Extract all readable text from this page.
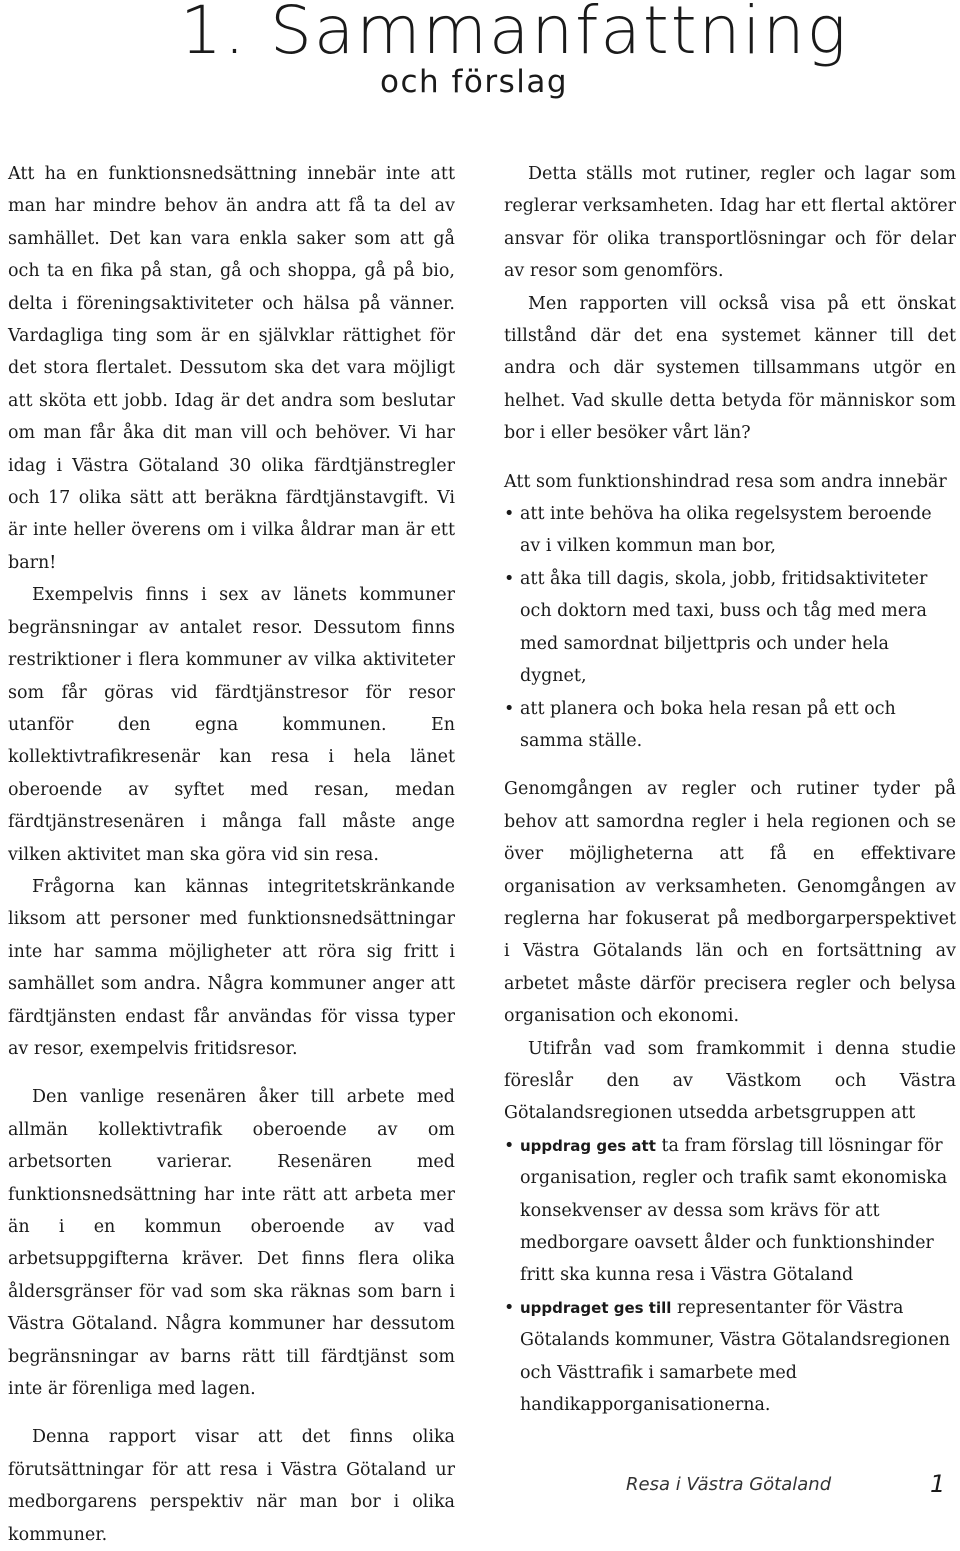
1. Sammanfattning
och förslag

Att ha en funktionsnedsättning innebär inte att man har mindre behov än andra att få ta del av samhället. Det kan vara enkla saker som att gå och ta en fika på stan, gå och shoppa, gå på bio, delta i föreningsaktiviteter och hälsa på vänner. Vardagliga ting som är en självklar rättighet för det stora flertalet. Dessutom ska det vara möjligt att sköta ett jobb. Idag är det andra som beslutar om man får åka dit man vill och behöver. Vi har idag i Västra Götaland 30 olika färdtjänstregler och 17 olika sätt att beräkna färdtjänstavgift. Vi är inte heller överens om i vilka åldrar man är ett barn!

Exempelvis finns i sex av länets kommuner begränsningar av antalet resor. Dessutom finns restriktioner i flera kommuner av vilka aktiviteter som får göras vid färdtjänstresor för resor utanför den egna kommunen. En kollektivtrafikresenär kan resa i hela länet oberoende av syftet med resan, medan färdtjänstresenären i många fall måste ange vilken aktivitet man ska göra vid sin resa.

Frågorna kan kännas integritetskränkande liksom att personer med funktionsnedsättningar inte har samma möjligheter att röra sig fritt i samhället som andra. Några kommuner anger att färdtjänsten endast får användas för vissa typer av resor, exempelvis fritidsresor.

Den vanlige resenären åker till arbete med allmän kollektivtrafik oberoende av om arbetsorten varierar. Resenären med funktionsnedsättning har inte rätt att arbeta mer än i en kommun oberoende av vad arbetsuppgifterna kräver. Det finns flera olika åldersgränser för vad som ska räknas som barn i Västra Götaland. Några kommuner har dessutom begränsningar av barns rätt till färdtjänst som inte är förenliga med lagen.

Denna rapport visar att det finns olika förutsättningar för att resa i Västra Götaland ur medborgarens perspektiv när man bor i olika kommuner.

Detta ställs mot rutiner, regler och lagar som reglerar verksamheten. Idag har ett flertal aktörer ansvar för olika transportlösningar och för delar av resor som genomförs.

Men rapporten vill också visa på ett önskat tillstånd där det ena systemet känner till det andra och där systemen tillsammans utgör en helhet. Vad skulle detta betyda för människor som bor i eller besöker vårt län?

Att som funktionshindrad resa som andra innebär

• att inte behöva ha olika regelsystem beroende av i vilken kommun man bor,
• att åka till dagis, skola, jobb, fritidsaktiviteter och doktorn med taxi, buss och tåg med mera med samordnat biljettpris och under hela dygnet,
• att planera och boka hela resan på ett och samma ställe.

Genomgången av regler och rutiner tyder på behov att samordna regler i hela regionen och se över möjligheterna att få en effektivare organisation av verksamheten. Genomgången av reglerna har fokuserat på medborgarperspektivet i Västra Götalands län och en fortsättning av arbetet måste därför precisera regler och belysa organisation och ekonomi.

Utifrån vad som framkommit i denna studie föreslår den av Västkom och Västra Götalandsregionen utsedda arbetsgruppen att

• uppdrag ges att ta fram förslag till lösningar för organisation, regler och trafik samt ekonomiska konsekvenser av dessa som krävs för att medborgare oavsett ålder och funktionshinder fritt ska kunna resa i Västra Götaland
• uppdraget ges till representanter för Västra Götalands kommuner, Västra Götalandsregionen och Västtrafik i samarbete med handikapporganisationerna.
Resa i Västra Götaland	1
